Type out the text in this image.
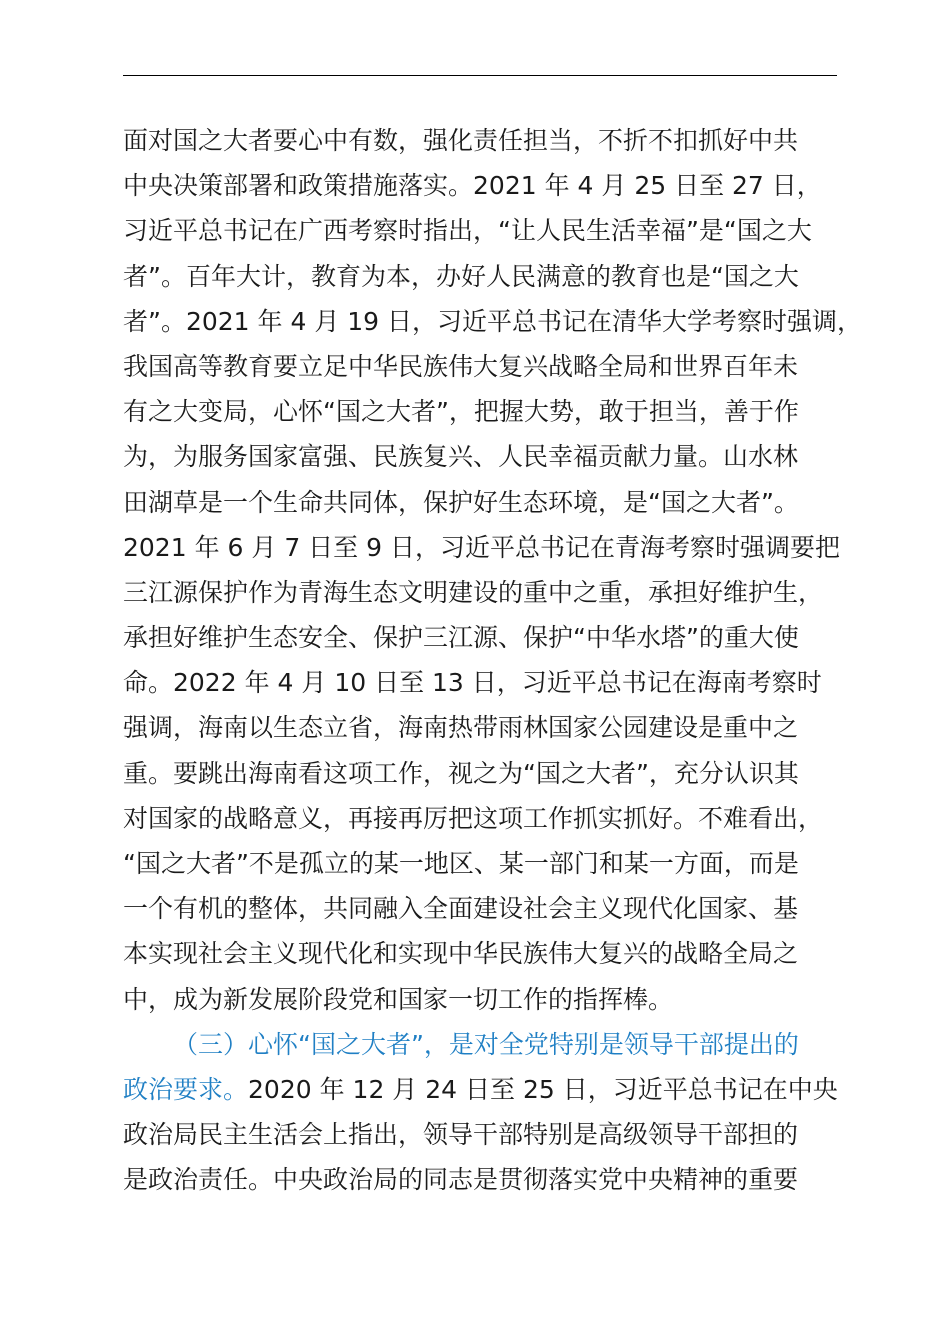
面对国之大者要心中有数，强化责任担当，不折不扣抓好中共
中央决策部署和政策措施落实。2021 年 4 月 25 日至 27 日，
习近平总书记在广西考察时指出，“让人民生活幸福”是“国之大
者”。百年大计，教育为本，办好人民满意的教育也是“国之大
者”。2021 年 4 月 19 日，习近平总书记在清华大学考察时强调，
我国高等教育要立足中华民族伟大复兴战略全局和世界百年未
有之大变局，心怀“国之大者”，把握大势，敢于担当，善于作
为，为服务国家富强、民族复兴、人民幸福贡献力量。山水林
田湖草是一个生命共同体，保护好生态环境，是“国之大者”。
2021 年 6 月 7 日至 9 日，习近平总书记在青海考察时强调要把
三江源保护作为青海生态文明建设的重中之重，承担好维护生，
承担好维护生态安全、保护三江源、保护“中华水塔”的重大使
命。2022 年 4 月 10 日至 13 日，习近平总书记在海南考察时
强调，海南以生态立省，海南热带雨林国家公园建设是重中之
重。要跳出海南看这项工作，视之为“国之大者”，充分认识其
对国家的战略意义，再接再厉把这项工作抓实抓好。不难看出，
“国之大者”不是孤立的某一地区、某一部门和某一方面，而是
一个有机的整体，共同融入全面建设社会主义现代化国家、基
本实现社会主义现代化和实现中华民族伟大复兴的战略全局之
中，成为新发展阶段党和国家一切工作的指挥棒。
（三）心怀“国之大者”，是对全党特别是领导干部提出的
政治要求。2020 年 12 月 24 日至 25 日，习近平总书记在中央
政治局民主生活会上指出，领导干部特别是高级领导干部担的
是政治责任。中央政治局的同志是贯彻落实党中央精神的重要
